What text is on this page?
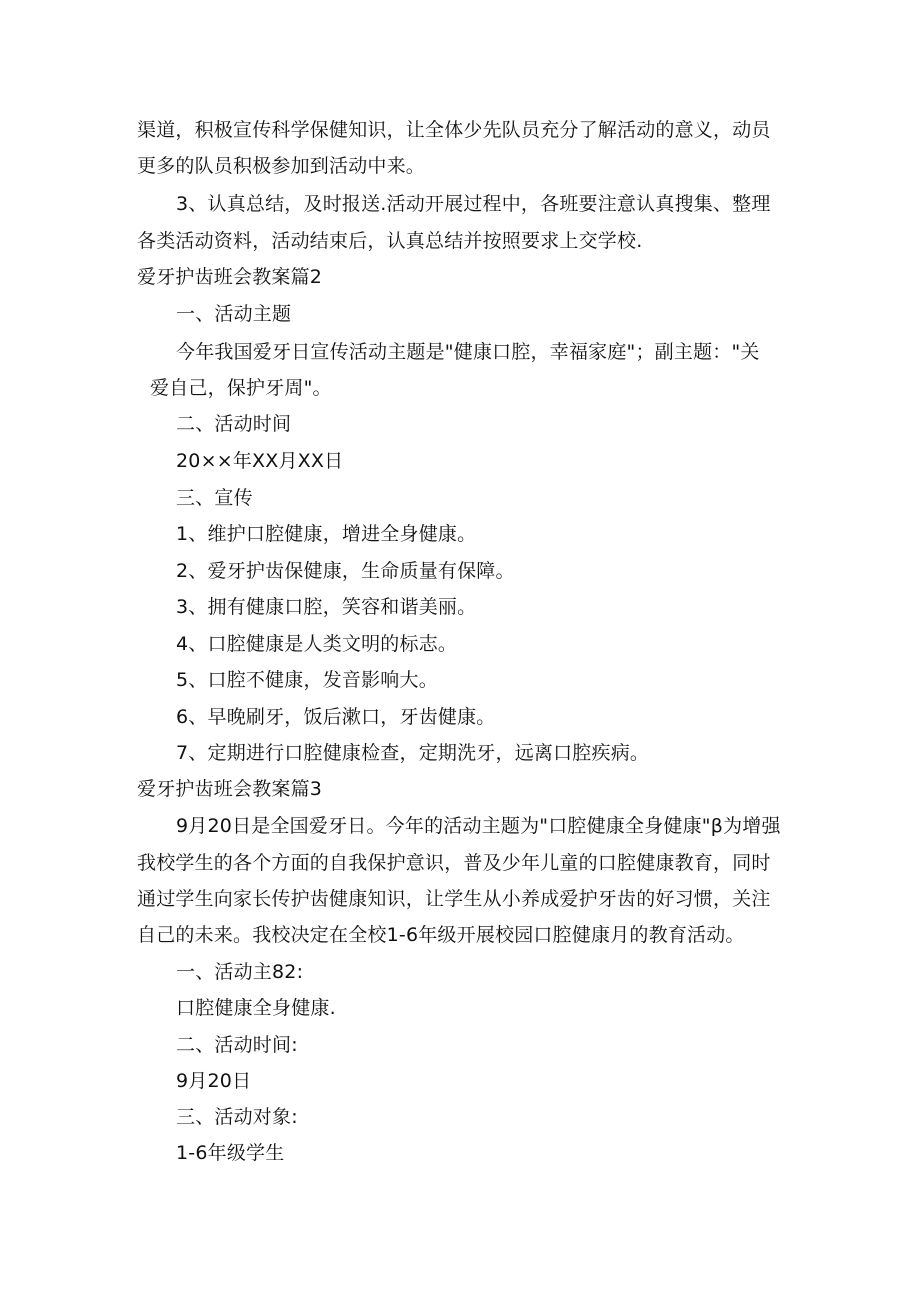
渠道，积极宣传科学保健知识，让全体少先队员充分了解活动的意义，动员
更多的队员积极参加到活动中来。
3、认真总结，及时报送.活动开展过程中，各班要注意认真搜集、整理
各类活动资料，活动结束后，认真总结并按照要求上交学校.
爱牙护齿班会教案篇2
一、活动主题
今年我国爱牙日宣传活动主题是"健康口腔，幸福家庭"；副主题："关
爱自己，保护牙周"。
二、活动时间
20××年XX月XX日
三、宣传
1、维护口腔健康，增进全身健康。
2、爱牙护齿保健康，生命质量有保障。
3、拥有健康口腔，笑容和谐美丽。
4、口腔健康是人类文明的标志。
5、口腔不健康，发音影响大。
6、早晚刷牙，饭后漱口，牙齿健康。
7、定期进行口腔健康检查，定期洗牙，远离口腔疾病。
爱牙护齿班会教案篇3
9月20日是全国爱牙日。今年的活动主题为"口腔健康全身健康"β为增强
我校学生的各个方面的自我保护意识，普及少年儿童的口腔健康教育，同时
通过学生向家长传护齿健康知识，让学生从小养成爱护牙齿的好习惯，关注
自己的未来。我校决定在全校1-6年级开展校园口腔健康月的教育活动。
一、活动主82:
口腔健康全身健康.
二、活动时间:
9月20日
三、活动对象:
1-6年级学生
